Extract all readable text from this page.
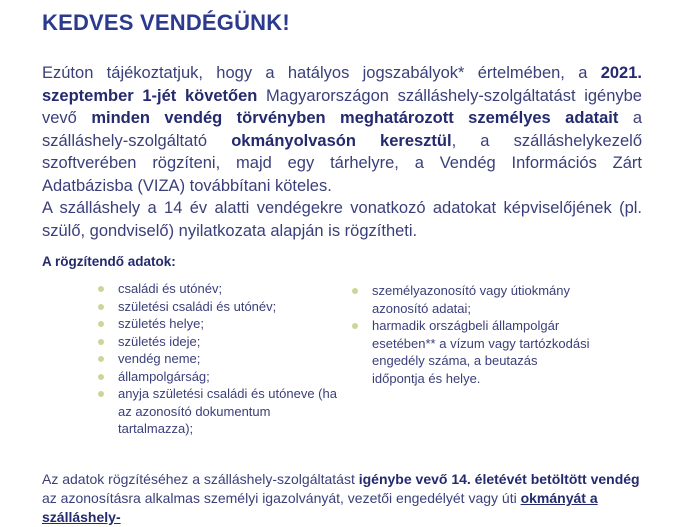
KEDVES VENDÉGÜNK!
Ezúton tájékoztatjuk, hogy a hatályos jogszabályok* értelmében, a 2021. szeptember 1-jét követően Magyarországon szálláshely-szolgáltatást igénybe vevő minden vendég törvényben meghatározott személyes adatait a szálláshely-szolgáltató okmányolvasón keresztül, a szálláshelykezelő szoftverében rögzíteni, majd egy tárhelyre, a Vendég Információs Zárt Adatbázisba (VIZA) továbbítani köteles.
A szálláshely a 14 év alatti vendégekre vonatkozó adatokat képviselőjének (pl. szülő, gondviselő) nyilatkozata alapján is rögzítheti.
A rögzítendő adatok:
családi és utónév;
születési családi és utónév;
születés helye;
születés ideje;
vendég neme;
állampolgárság;
anyja születési családi és utóneve (ha az azonosító dokumentum tartalmazza);
személyazonosító vagy útiokmány azonosító adatai;
harmadik országbeli állampolgár esetében** a vízum vagy tartózkodási engedély száma, a beutazás időpontja és helye.
Az adatok rögzítéséhez a szálláshely-szolgáltatást igénybe vevő 14. életévét betöltött vendég az azonosításra alkalmas személyi igazolványát, vezetői engedélyét vagy úti okmányát a szálláshely-
